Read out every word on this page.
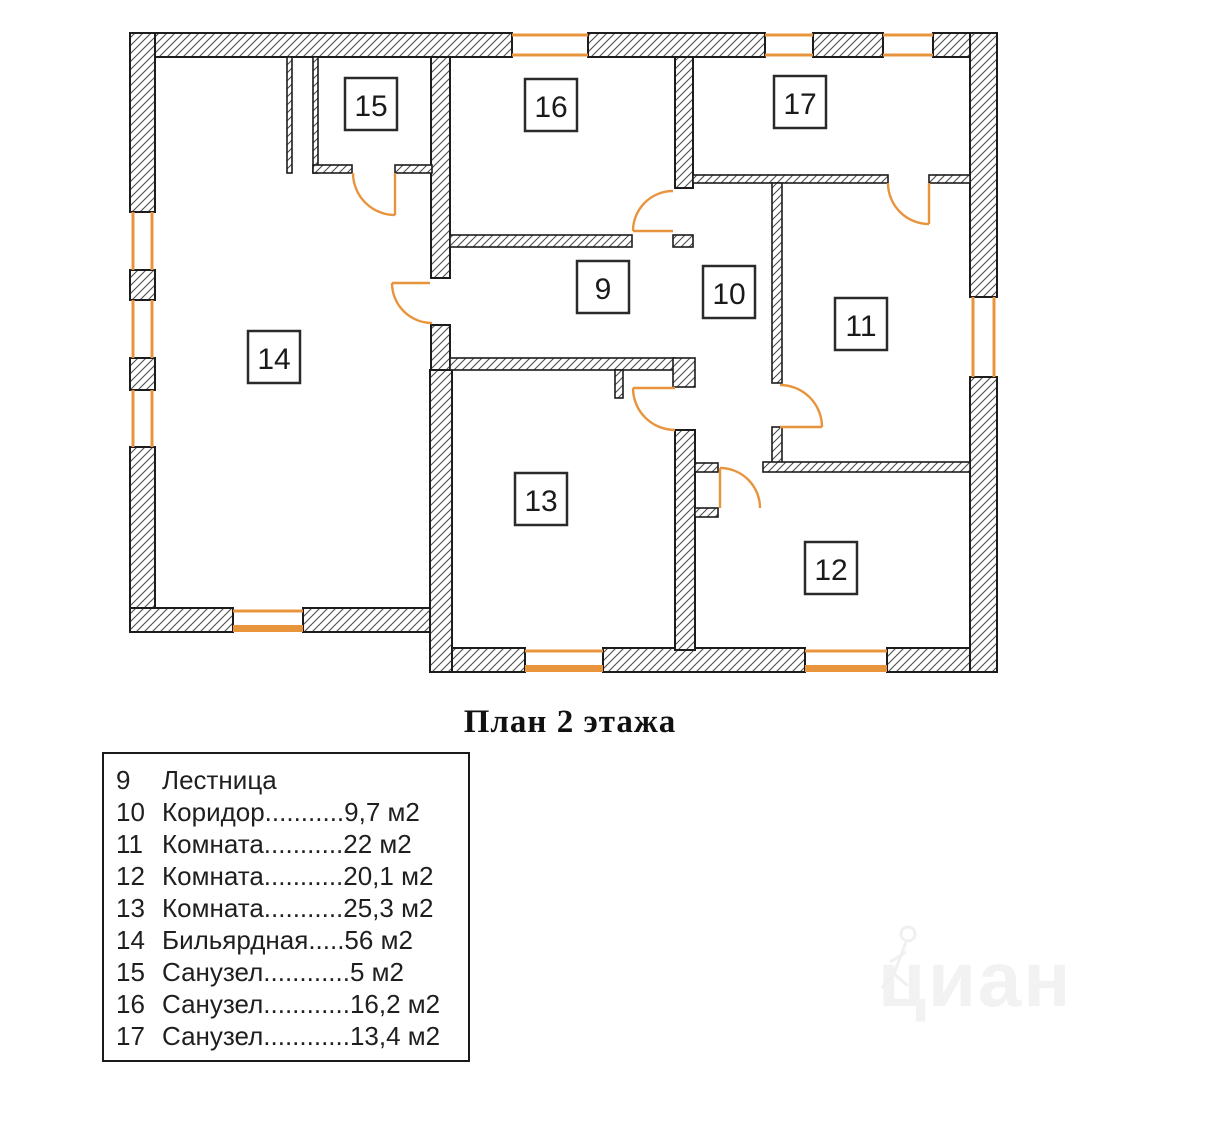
9	10
11
12
13
14
15	16	17
План 2 этажа
9	Лестница
10 Коридор...........9,7 м2
11 Комната...........22 м2
12 Комната...........20,1 м2
13 Комната...........25,3 м2
14 Бильярдная.....56 м2
15 Санузел............5 м2
16 Санузел............16,2 м2
17 Санузел............13,4 м2
циан
